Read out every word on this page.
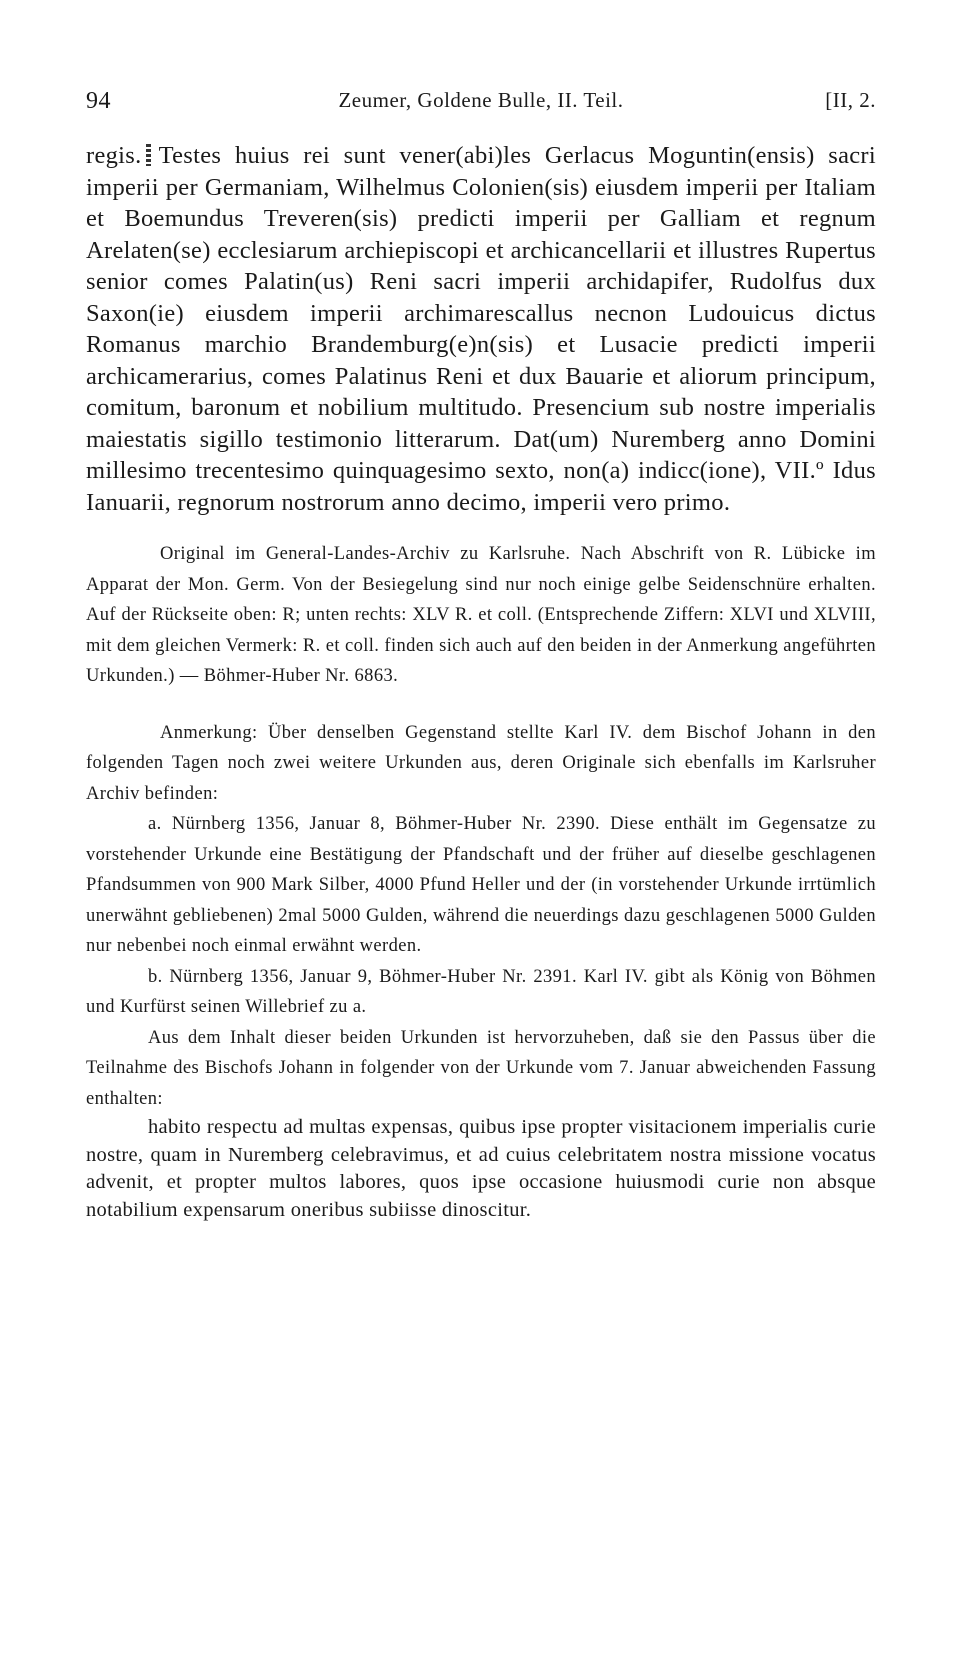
94	Zeumer, Goldene Bulle, II. Teil.	[II, 2.

regis. Testes huius rei sunt vener(abi)les Gerlacus Moguntin(ensis) sacri imperii per Germaniam, Wilhelmus Colonien(sis) eiusdem imperii per Italiam et Boemundus Treveren(sis) predicti imperii per Galliam et regnum Arelaten(se) ecclesiarum archiepiscopi et archicancellarii et illustres Rupertus senior comes Palatin(us) Reni sacri imperii archidapifer, Rudolfus dux Saxon(ie) eiusdem imperii archimarescallus necnon Ludouicus dictus Romanus marchio Brandemburg(e)n(sis) et Lusacie predicti imperii archicamerarius, comes Palatinus Reni et dux Bauarie et aliorum principum, comitum, baronum et nobilium multitudo. Presencium sub nostre imperialis maiestatis sigillo testimonio litterarum. Dat(um) Nuremberg anno Domini millesimo trecentesimo quinquagesimo sexto, non(a) indicc(ione), VII.º Idus Ianuarii, regnorum nostrorum anno decimo, imperii vero primo.

Original im General-Landes-Archiv zu Karlsruhe. Nach Abschrift von R. Lübicke im Apparat der Mon. Germ. Von der Besiegelung sind nur noch einige gelbe Seidenschnüre erhalten. Auf der Rückseite oben: R; unten rechts: XLV R. et coll. (Entsprechende Ziffern: XLVI und XLVIII, mit dem gleichen Vermerk: R. et coll. finden sich auch auf den beiden in der Anmerkung angeführten Urkunden.) — Böhmer-Huber Nr. 6863.

Anmerkung: Über denselben Gegenstand stellte Karl IV. dem Bischof Johann in den folgenden Tagen noch zwei weitere Urkunden aus, deren Originale sich ebenfalls im Karlsruher Archiv befinden:

a. Nürnberg 1356, Januar 8, Böhmer-Huber Nr. 2390. Diese enthält im Gegensatze zu vorstehender Urkunde eine Bestätigung der Pfandschaft und der früher auf dieselbe geschlagenen Pfandsummen von 900 Mark Silber, 4000 Pfund Heller und der (in vorstehender Urkunde irrtümlich unerwähnt gebliebenen) 2mal 5000 Gulden, während die neuerdings dazu geschlagenen 5000 Gulden nur nebenbei noch einmal erwähnt werden.

b. Nürnberg 1356, Januar 9, Böhmer-Huber Nr. 2391. Karl IV. gibt als König von Böhmen und Kurfürst seinen Willebrief zu a.

Aus dem Inhalt dieser beiden Urkunden ist hervorzuheben, daß sie den Passus über die Teilnahme des Bischofs Johann in folgender von der Urkunde vom 7. Januar abweichenden Fassung enthalten:

habito respectu ad multas expensas, quibus ipse propter visitacionem imperialis curie nostre, quam in Nuremberg celebravimus, et ad cuius celebritatem nostra missione vocatus advenit, et propter multos labores, quos ipse occasione huiusmodi curie non absque notabilium expensarum oneribus subiisse dinoscitur.
